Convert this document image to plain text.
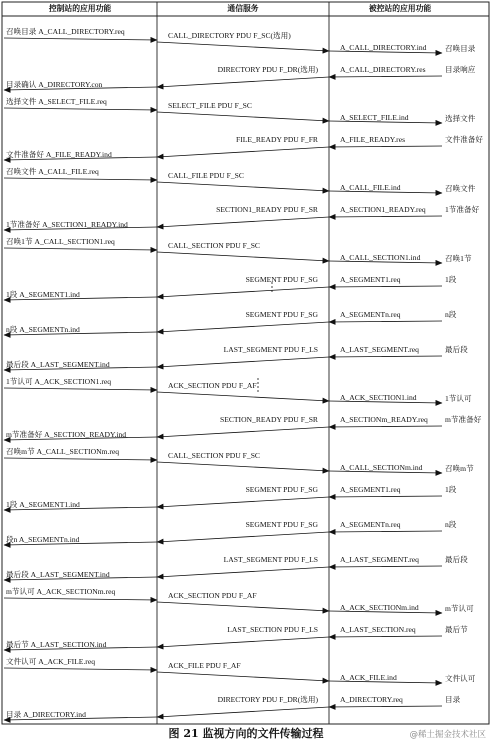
控制站的应用功能	通信服务	被控站的应用功能
召唤目录 A_CALL_DIRECTORY.req	CALL_DIRECTORY PDU F_SC(选用)
A_CALL_DIRECTORY.ind 召唤目录
DIRECTORY PDU F_DR(选用)	A_CALL_DIRECTORY.res	目录响应
目录确认 A_DIRECTORY.con
选择文件 A_SELECT_FILE.req	SELECT_FILE PDU F_SC
A_SELECT_FILE.ind	选择文件
FILE_READY PDU F_FR	A_FILE_READY.res	文件准备好
文件准备好 A_FILE_READY.ind
召唤文件 A_CALL_FILE.req	CALL_FILE PDU F_SC
A_CALL_FILE.ind	召唤文件
SECTION1_READY PDU F_SR	A_SECTION1_READY.req	1节准备好
1节准备好 A_SECTION1_READY.ind
召唤1节 A_CALL_SECTION1.req	CALL_SECTION PDU F_SC
A_CALL_SECTION1.ind	召唤1节
SEGMENT PDU F_SG	A_SEGMENT1.req	1段
1段 A_SEGMENT1.ind
SEGMENT PDU F_SG	A_SEGMENTn.req	n段
n段 A_SEGMENTn.ind
LAST_SEGMENT PDU F_LS	A_LAST_SEGMENT.req	最后段
最后段 A_LAST_SEGMENT.ind
1节认可 A_ACK_SECTION1.req	ACK_SECTION PDU F_AF
A_ACK_SECTION1.ind	1节认可
SECTION_READY PDU F_SR	A_SECTIONm_READY.req m节准备好
m节准备好 A_SECTION_READY.ind
召唤m节 A_CALL_SECTIONm.req	CALL_SECTION PDU F_SC
A_CALL_SECTIONm.ind	召唤m节
SEGMENT PDU F_SG	A_SEGMENT1.req	1段
1段 A_SEGMENT1.ind
SEGMENT PDU F_SG	A_SEGMENTn.req	n段
段n A_SEGMENTn.ind
LAST_SEGMENT PDU F_LS	A_LAST_SEGMENT.req	最后段
最后段 A_LAST_SEGMENT.ind
m节认可 A_ACK_SECTIONm.req	ACK_SECTION PDU F_AF
A_ACK_SECTIONm.ind	m节认可
LAST_SECTION PDU F_LS	A_LAST_SECTION.req	最后节
最后节 A_LAST_SECTION.ind
文件认可 A_ACK_FILE.req	ACK_FILE PDU F_AF
A_ACK_FILE.ind	文件认可
DIRECTORY PDU F_DR(选用)	A_DIRECTORY.req	目录
目录 A_DIRECTORY.ind
图 21 监视方向的文件传输过程	@稀土掘金技术社区
